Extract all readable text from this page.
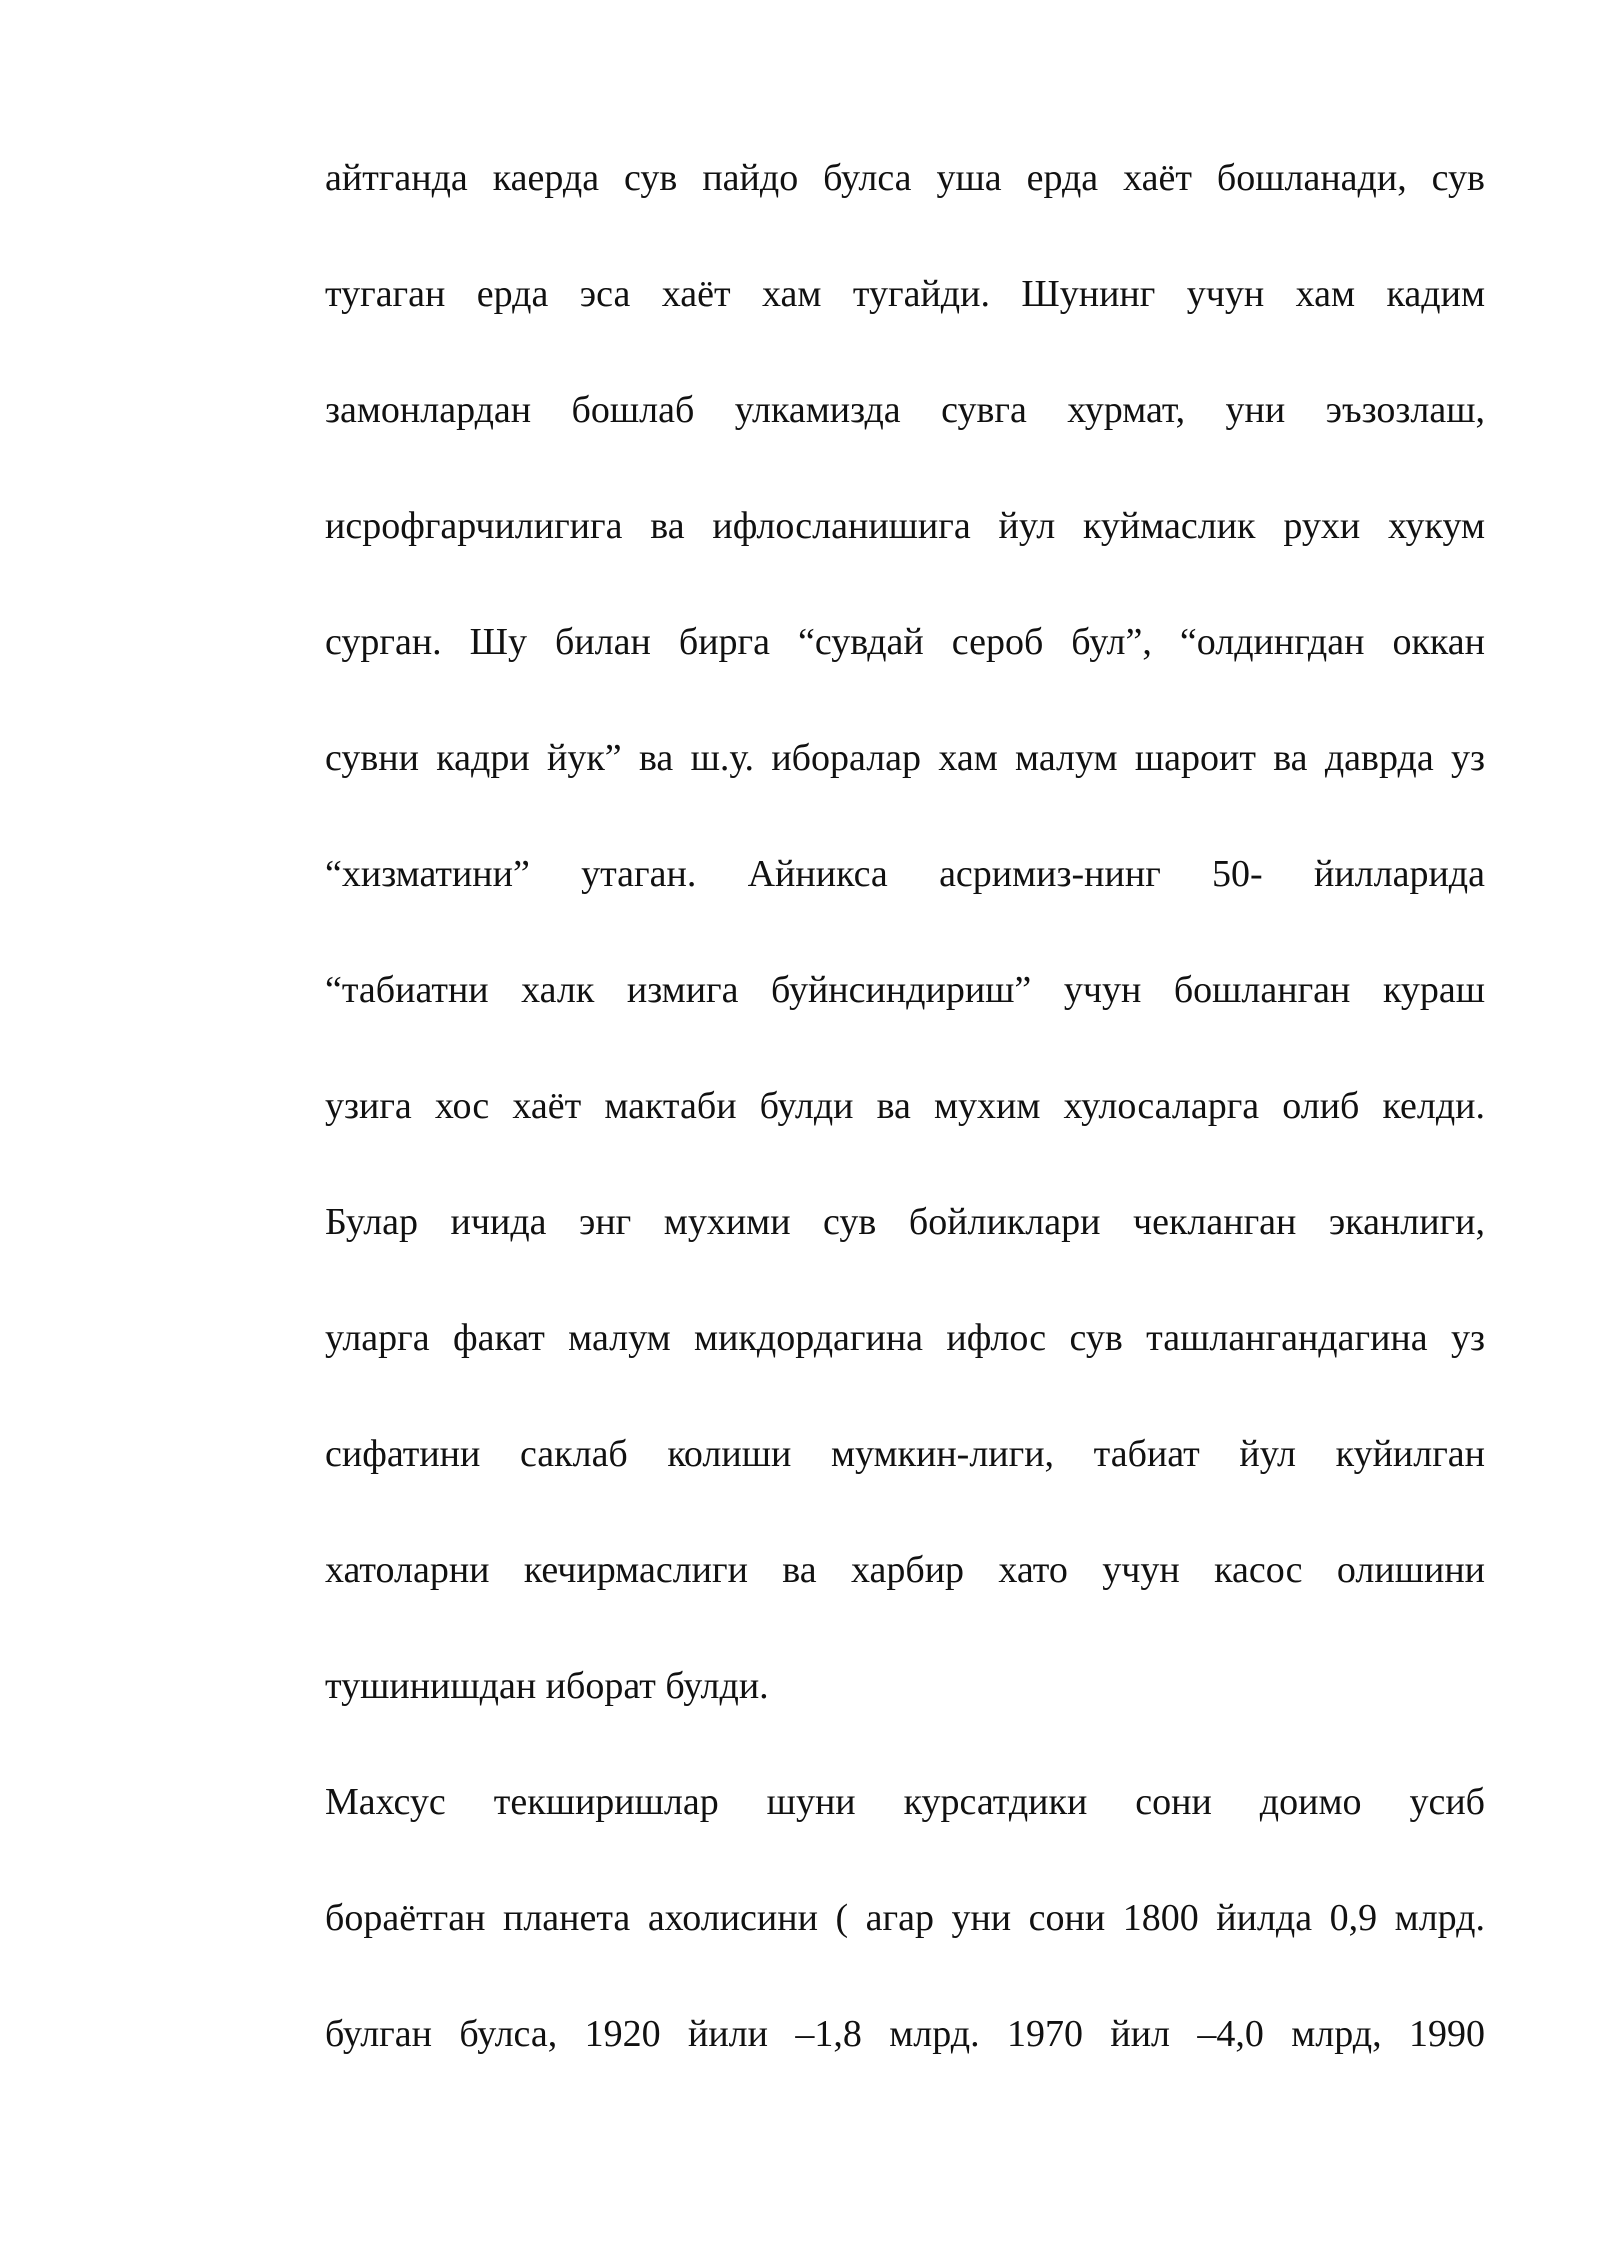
айтганда каерда сув пайдо булса уша ерда хаёт бошланади, сув
тугаган ерда эса хаёт хам тугайди. Шунинг учун хам кадим
замонлардан бошлаб улкамизда сувга хурмат, уни эъзозлаш,
исрофгарчилигига ва ифлосланишига йул куймаслик рухи хукум
сурган. Шу билан бирга “сувдай сероб бул”, “олдингдан оккан
сувни кадри йук” ва ш.у. иборалар хам малум шароит ва даврда уз
“хизматини” утаган. Айникса асримиз-нинг 50- йилларида
“табиатни халк измига буйнсиндириш” учун бошланган кураш
узига хос хаёт мактаби булди ва мухим хулосаларга олиб келди.
Булар ичида энг мухими сув бойликлари чекланган эканлиги,
уларга факат малум микдордагина ифлос сув ташлангандагина уз
сифатини саклаб колиши мумкин-лиги, табиат йул куйилган
хатоларни кечирмаслиги ва харбир хато учун касос олишини
тушинишдан иборат булди.
Махсус текширишлар шуни курсатдики сони доимо усиб
бораётган планета ахолисини ( агар уни сони 1800 йилда 0,9 млрд.
булган булса, 1920 йили –1,8 млрд. 1970 йил –4,0 млрд, 1990
